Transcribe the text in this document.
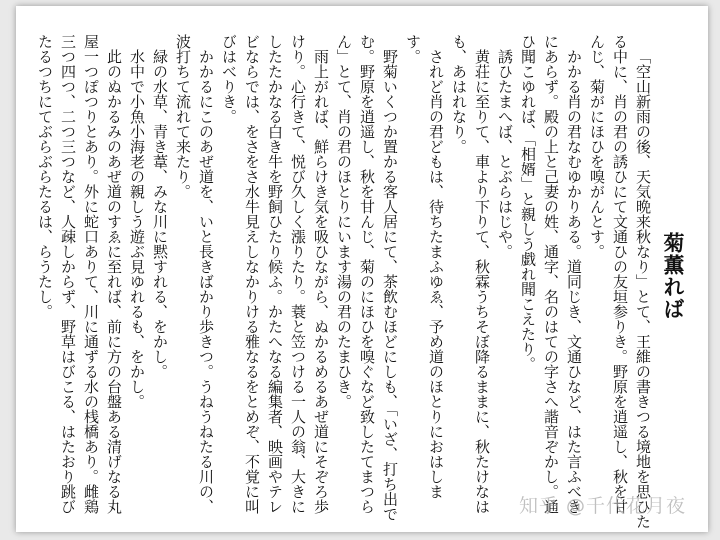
菊薫れば
「空山新雨の後、天気晩来秋なり」とて、王維の書きつる境地を思ひた
る中に、肖の君の誘ひにて文通ひの友垣参りき。野原を逍遥し、秋を甘
んじ、菊がにほひを嗅がんとす。
かかる肖の君なむゆかりある。道同じき、文通ひなど、はた言ふべき
にあらず。殿の上と己妻の姓、通字、名のはての字さへ諧音ぞかし。通
ひ聞こゆれば、「相婿」と親しう戯れ聞こえたり。
誘ひたまへば、とぶらはじや。
黄荘に至りて、車より下りて、秋霖うちそぼ降るままに、秋たけなは
も、あはれなり。
されど肖の君どもは、待ちたまふゆゑ、予め道のほとりにおはしま
す。
野菊いくつか置かる客人居にて、茶飲むほどにしも、「いざ、打ち出で
む。野原を逍遥し、秋を甘んじ、菊のにほひを嗅ぐなど致したてまつら
ん」とて、肖の君のほとりにいます湯の君のたまひき。
雨上がれば、鮮らけき気を吸ひながら、ぬかるめるあぜ道にそぞろ歩
けり。心行きて、悦び久しく漲りたり。蓑と笠つける一人の翁、大きに
したたかなる白き牛を野飼ひたり候ふ。かたへなる編集者、映画やテレ
ビならでは、をさをさ水牛見えしなかりける雅なるをとめぞ、不覚に叫
びはべりき。
かかるにこのあぜ道を、いと長きばかり歩きつ。うねうねたる川の、
波打ちて流れて来たり。
緑の水草、青き葦、みな川に黙すれる、をかし。
水中で小魚小海老の親しう遊ぶ見ゆれるも、をかし。
此のぬかるみのあぜ道のすゑに至れば、前に方の台盤ある清げなる丸
屋一つぽつりとあり。外に蛇口ありて、川に通ずる水の桟橋あり。雌鶏
三つ四つ、二つ三つなど、人疎しからず、野草はびこる、はたおり跳び
たるつちにてぶらぶらたるは、らうたし。
知乎 @千代花月夜
